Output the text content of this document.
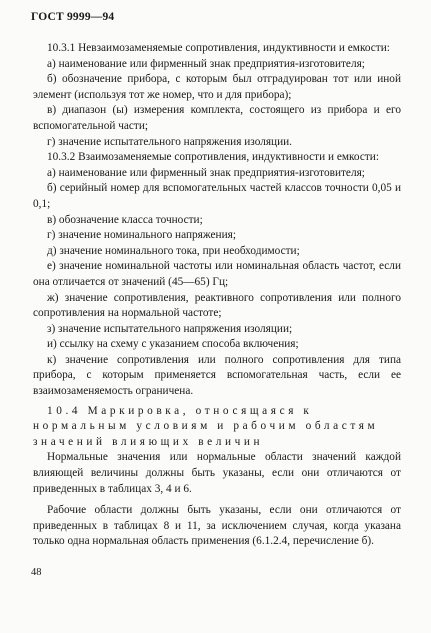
ГОСТ 9999—94

10.3.1 Невзаимозаменяемые сопротивления, индуктивности и емкости:

а) наименование или фирменный знак предприятия-изготовителя;

б) обозначение прибора, с которым был отградуирован тот или иной элемент (используя тот же номер, что и для прибора);

в) диапазон (ы) измерения комплекта, состоящего из прибора и его вспомогательной части;

г) значение испытательного напряжения изоляции.

10.3.2 Взаимозаменяемые сопротивления, индуктивности и емкости:

а) наименование или фирменный знак предприятия-изготовителя;

б) серийный номер для вспомогательных частей классов точности 0,05 и 0,1;

в) обозначение класса точности;

г) значение номинального напряжения;

д) значение номинального тока, при необходимости;

е) значение номинальной частоты или номинальная область частот, если она отличается от значений (45—65) Гц;

ж) значение сопротивления, реактивного сопротивления или полного сопротивления на нормальной частоте;

з) значение испытательного напряжения изоляции;

и) ссылку на схему с указанием способа включения;

к) значение сопротивления или полного сопротивления для типа прибора, с которым применяется вспомогательная часть, если ее взаимозаменяемость ограничена.

10.4 Маркировка, относящаяся к нормальным условиям и рабочим областям значений влияющих величин

Нормальные значения или нормальные области значений каждой влияющей величины должны быть указаны, если они отличаются от приведенных в таблицах 3, 4 и 6.

Рабочие области должны быть указаны, если они отличаются от приведенных в таблицах 8 и 11, за исключением случая, когда указана только одна нормальная область применения (6.1.2.4, перечисление б).

48
